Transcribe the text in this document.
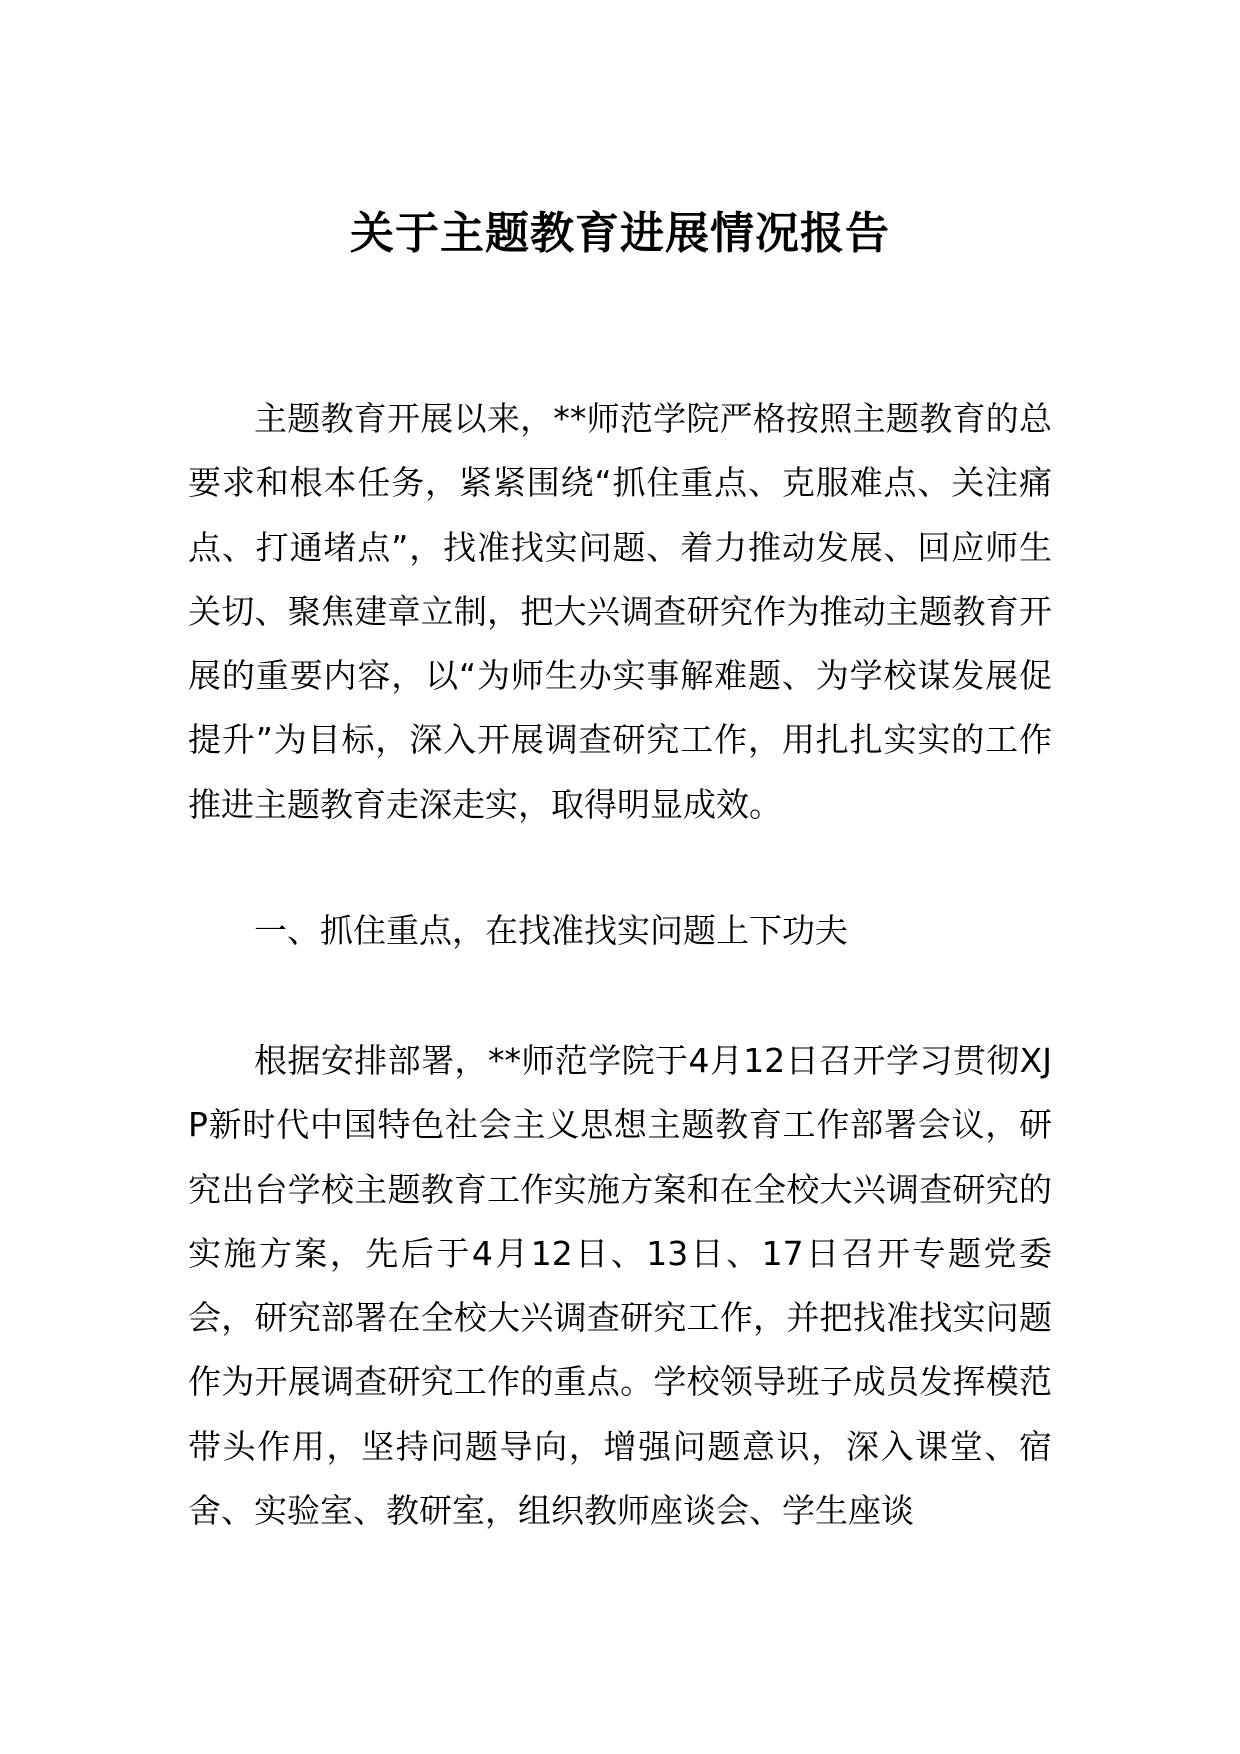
关于主题教育进展情况报告

主题教育开展以来，**师范学院严格按照主题教育的总要求和根本任务，紧紧围绕“抓住重点、克服难点、关注痛点、打通堵点”，找准找实问题、着力推动发展、回应师生关切、聚焦建章立制，把大兴调查研究作为推动主题教育开展的重要内容，以“为师生办实事解难题、为学校谋发展促提升”为目标，深入开展调查研究工作，用扎扎实实的工作推进主题教育走深走实，取得明显成效。

一、抓住重点，在找准找实问题上下功夫

根据安排部署，**师范学院于4月12日召开学习贯彻XJP新时代中国特色社会主义思想主题教育工作部署会议，研究出台学校主题教育工作实施方案和在全校大兴调查研究的实施方案，先后于4月12日、13日、17日召开专题党委会，研究部署在全校大兴调查研究工作，并把找准找实问题作为开展调查研究工作的重点。学校领导班子成员发挥模范带头作用，坚持问题导向，增强问题意识，深入课堂、宿舍、实验室、教研室，组织教师座谈会、学生座谈
